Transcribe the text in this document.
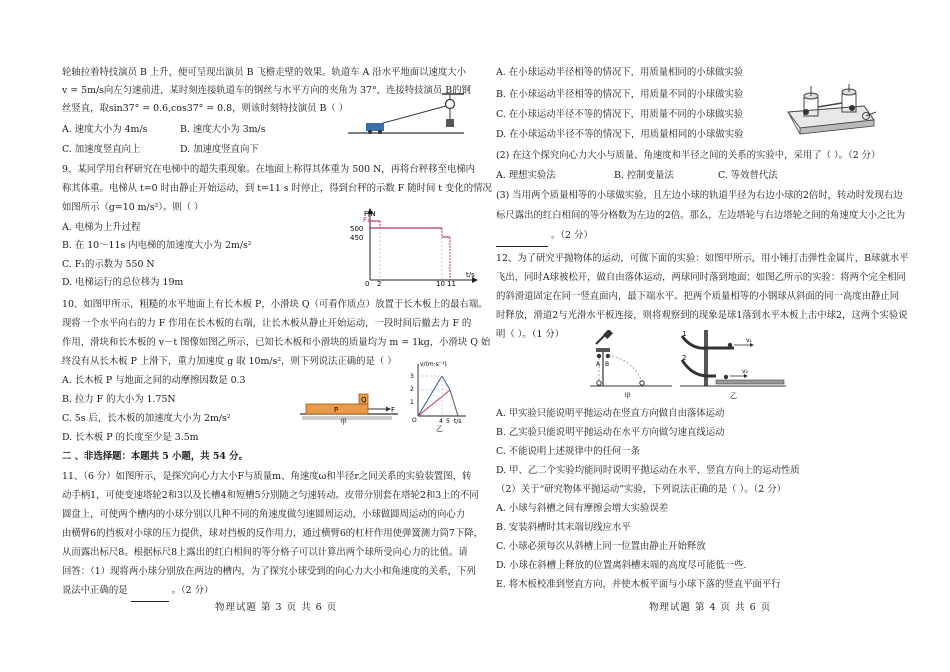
轮轴拉着特技演员 B 上升，便可呈现出演员 B 飞檐走壁的效果。轨道车 A 沿水平地面以速度大小
v = 5m/s向左匀速前进，某时刻连接轨道车的钢丝与水平方向的夹角为 37°，连接特技演员 B的钢
丝竖直，取sin37° = 0.6,cos37° = 0.8，则该时刻特技演员 B（ ）
A. 速度大小为 4m/s	B. 速度大小为 3m/s
C. 加速度竖直向上	D. 加速度竖直向下
9、某同学用台秤研究在电梯中的超失重现象。在地面上称得其体重为 500 N，再将台秤移至电梯内
称其体重。电梯从 t=0 时由静止开始运动，到 t=11 s 时停止，得到台秤的示数 F 随时间 t 变化的情况
如图所示（g=10 m/s²）。则（ ）
A. 电梯为上升过程
B. 在 10～11s 内电梯的加速度大小为 2m/s²
C. F₁的示数为 550 N
D. 电梯运行的总位移为 19m
10、如图甲所示，粗糙的水平地面上有长木板 P，小滑块 Q（可看作质点）放置于长木板上的最右端。
现将一个水平向右的力 F 作用在长木板的右端，让长木板从静止开始运动，一段时间后撤去力 F 的
作用，滑块和长木板的 v－t 图像如图乙所示，已知长木板和小滑块的质量均为 m = 1kg，小滑块 Q 始
终没有从长木板 P 上滑下，重力加速度 g 取 10m/s²，则下列说法正确的是（ ）
A. 长木板 P 与地面之间的动摩擦因数是 0.3
B. 拉力 F 的大小为 1.75N
C. 5s 后，长木板的加速度大小为 2m/s²
D. 长木板 P 的长度至少是 3.5m
二 、非选择题：本题共 5 小题，共 54 分。
11、（6 分）如图所示，是探究向心力大小F与质量m、角速度ω和半径r之间关系的实验装置图，转
动手柄1，可使变速塔轮2和3以及长槽4和短槽5分别随之匀速转动。皮带分别套在塔轮2和3上的不同
圆盘上，可使两个槽内的小球分别以几种不同的角速度做匀速圆周运动，小球做圆周运动的向心力
由横臂6的挡板对小球的压力提供，球对挡板的反作用力，通过横臂6的杠杆作用使弹簧测力筒7下降，
从而露出标尺8。根据标尺8上露出的红白相间的等分格子可以计算出两个球所受向心力的比值。请
回答：（1）现将两小球分别放在两边的槽内，为了探究小球受到的向心力大小和角速度的关系，下列
说法中正确的是	。（2 分）
F/N
t/s
F₁
500
450
0 2	10 11
P
Q
F
甲
v/(m·s⁻¹)
3
2
1
O	4 5 t/s
乙
A. 在小球运动半径相等的情况下，用质量相同的小球做实验
B. 在小球运动半径相等的情况下，用质量不同的小球做实验
C. 在小球运动半径不等的情况下，用质量不同的小球做实验
D. 在小球运动半径不等的情况下，用质量相同的小球做实验
(2) 在这个探究向心力大小与质量、角速度和半径之间的关系的实验中，采用了（ ）。（2 分）
A. 理想实验法	B. 控制变量法	C. 等效替代法
(3) 当用两个质量相等的小球做实验，且左边小球的轨道半径为右边小球的2倍时，转动时发现右边
标尺露出的红白相间的等分格数为左边的2倍。那么，左边塔轮与右边塔轮之间的角速度大小之比为
。（2 分）
12、为了研究平抛物体的运动，可做下面的实验：如图甲所示，用小锤打击弹性金属片，B球就水平
飞出，同时A球被松开，做自由落体运动，两球同时落到地面；如图乙所示的实验：将两个完全相同
的斜滑道固定在同一竖直面内，最下端水平。把两个质量相等的小钢球从斜面的同一高度由静止同
时释放，滑道2与光滑水平板连接，则将观察到的现象是球1落到水平木板上击中球2，这两个实验说
明（ ）。（1 分）
A. 甲实验只能说明平抛运动在竖直方向做自由落体运动
B. 乙实验只能说明平抛运动在水平方向做匀速直线运动
C. 不能说明上述规律中的任何一条
D. 甲、乙二个实验均能同时说明平抛运动在水平、竖直方向上的运动性质
（2）关于“研究物体平抛运动”实验，下列说法正确的是（ ）。（2 分）
A. 小球与斜槽之间有摩擦会增大实验误差
B. 安装斜槽时其末端切线应水平
C. 小球必须每次从斜槽上同一位置由静止开始释放
D. 小球在斜槽上释放的位置离斜槽末端的高度尽可能低一些.
E. 将木板校准到竖直方向，并使木板平面与小球下落的竖直平面平行
A B
甲
1
2
v₁
v₂
乙
物理试题 第 3 页 共 6 页	物理试题 第 4 页 共 6 页
